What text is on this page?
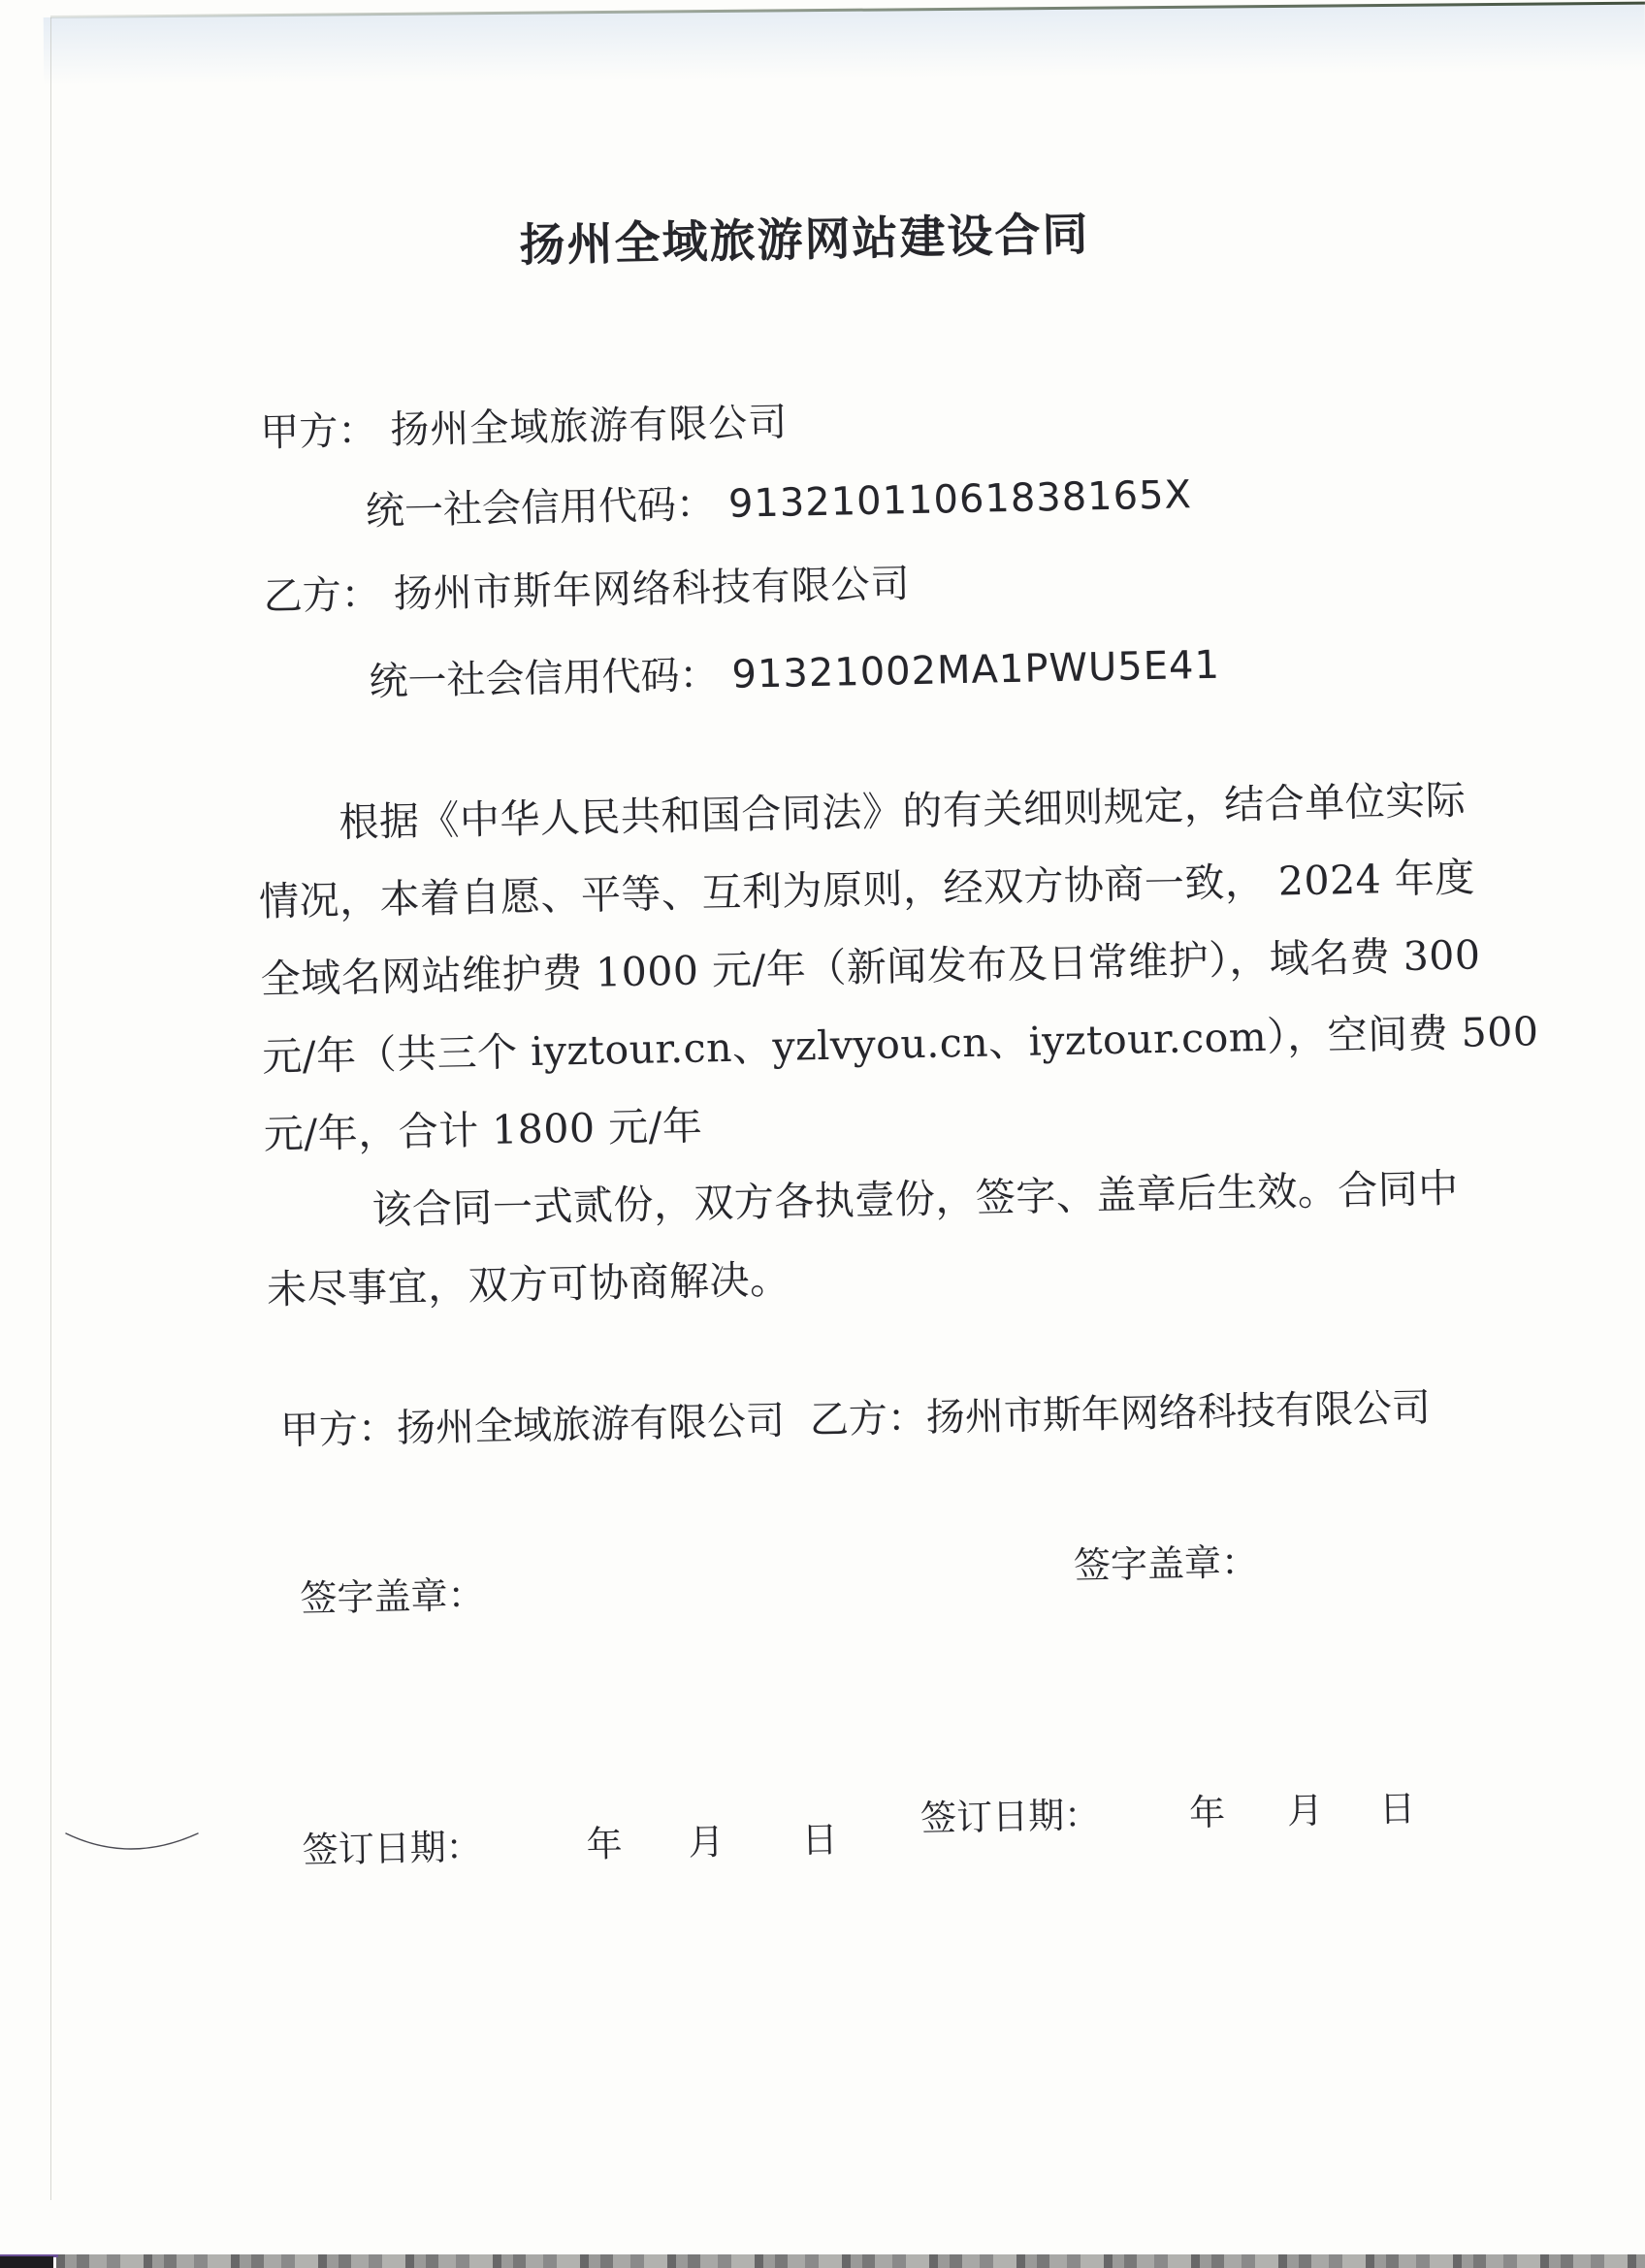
扬州全域旅游网站建设合同
甲方： 扬州全域旅游有限公司
统一社会信用代码： 91321011061838165X
乙方： 扬州市斯年网络科技有限公司
统一社会信用代码： 91321002MA1PWU5E41
根据《中华人民共和国合同法》的有关细则规定，结合单位实际
情况，本着自愿、平等、互利为原则，经双方协商一致， 2024 年度
全域名网站维护费 1000 元/年（新闻发布及日常维护），域名费 300
元/年（共三个 iyztour.cn、yzlvyou.cn、iyztour.com），空间费 500
元/年，合计 1800 元/年
该合同一式贰份，双方各执壹份，签字、盖章后生效。合同中
未尽事宜，双方可协商解决。
甲方：扬州全域旅游有限公司 乙方：扬州市斯年网络科技有限公司
签字盖章：
签字盖章：
签订日期：	年 月 日
签订日期： 年 月 日
